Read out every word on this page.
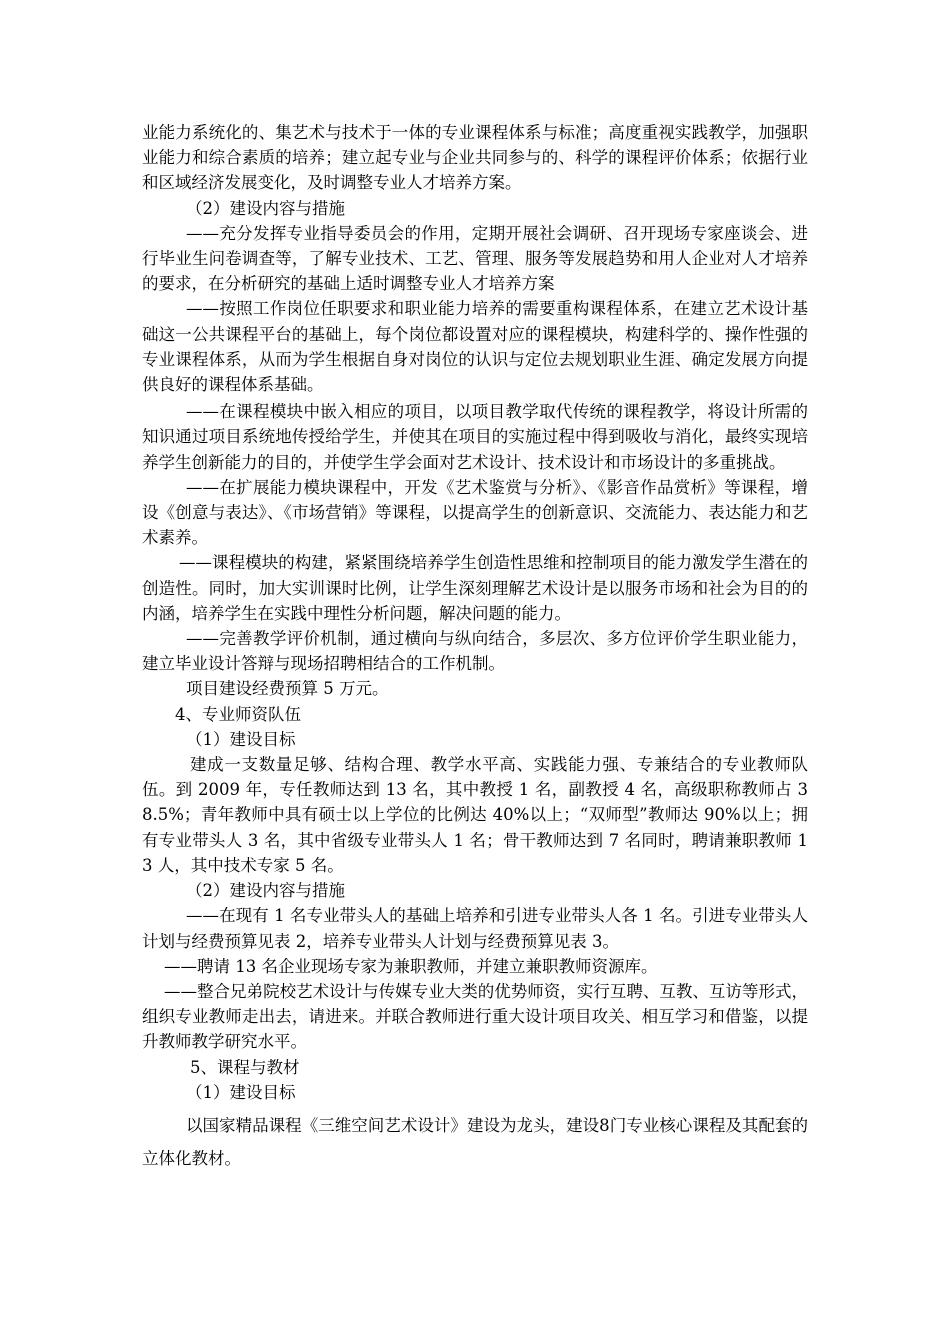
业能力系统化的、集艺术与技术于一体的专业课程体系与标准；高度重视实践教学，加强职业能力和综合素质的培养；建立起专业与企业共同参与的、科学的课程评价体系；依据行业和区域经济发展变化，及时调整专业人才培养方案。

（2）建设内容与措施

——充分发挥专业指导委员会的作用，定期开展社会调研、召开现场专家座谈会、进行毕业生问卷调查等，了解专业技术、工艺、管理、服务等发展趋势和用人企业对人才培养的要求，在分析研究的基础上适时调整专业人才培养方案

——按照工作岗位任职要求和职业能力培养的需要重构课程体系，在建立艺术设计基础这一公共课程平台的基础上，每个岗位都设置对应的课程模块，构建科学的、操作性强的专业课程体系，从而为学生根据自身对岗位的认识与定位去规划职业生涯、确定发展方向提供良好的课程体系基础。

——在课程模块中嵌入相应的项目，以项目教学取代传统的课程教学，将设计所需的知识通过项目系统地传授给学生，并使其在项目的实施过程中得到吸收与消化，最终实现培养学生创新能力的目的，并使学生学会面对艺术设计、技术设计和市场设计的多重挑战。

——在扩展能力模块课程中，开发《艺术鉴赏与分析》、《影音作品赏析》等课程，增设《创意与表达》、《市场营销》等课程，以提高学生的创新意识、交流能力、表达能力和艺术素养。

——课程模块的构建，紧紧围绕培养学生创造性思维和控制项目的能力激发学生潜在的创造性。同时，加大实训课时比例，让学生深刻理解艺术设计是以服务市场和社会为目的的内涵，培养学生在实践中理性分析问题，解决问题的能力。

——完善教学评价机制，通过横向与纵向结合，多层次、多方位评价学生职业能力，建立毕业设计答辩与现场招聘相结合的工作机制。

项目建设经费预算 5 万元。

4、专业师资队伍

（1）建设目标

建成一支数量足够、结构合理、教学水平高、实践能力强、专兼结合的专业教师队伍。到 2009 年，专任教师达到 13 名，其中教授 1 名，副教授 4 名，高级职称教师占 38.5%；青年教师中具有硕士以上学位的比例达 40%以上；“双师型”教师达 90%以上；拥有专业带头人 3 名，其中省级专业带头人 1 名；骨干教师达到 7 名同时，聘请兼职教师 13 人，其中技术专家 5 名。

（2）建设内容与措施

——在现有 1 名专业带头人的基础上培养和引进专业带头人各 1 名。引进专业带头人计划与经费预算见表 2，培养专业带头人计划与经费预算见表 3。

——聘请 13 名企业现场专家为兼职教师，并建立兼职教师资源库。

——整合兄弟院校艺术设计与传媒专业大类的优势师资，实行互聘、互教、互访等形式，组织专业教师走出去，请进来。并联合教师进行重大设计项目攻关、相互学习和借鉴，以提升教师教学研究水平。

5、课程与教材

（1）建设目标

以国家精品课程《三维空间艺术设计》建设为龙头，建设8门专业核心课程及其配套的立体化教材。
